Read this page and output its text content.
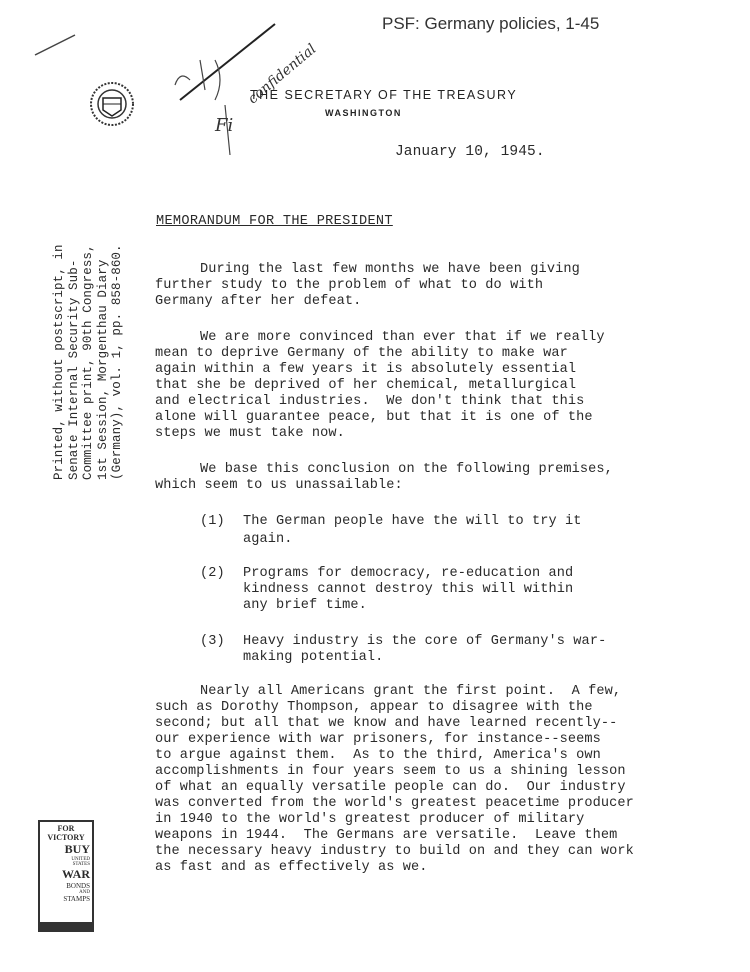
confidential
Fi
PSF: Germany policies, 1-45
THE SECRETARY OF THE TREASURY
WASHINGTON
January 10, 1945.
MEMORANDUM FOR THE PRESIDENT
Printed, without postscript, in Senate Internal Security Sub- Committee print, 90th Congress, 1st Session, Morgenthau Diary (Germany), vol. 1, pp. 858-860.	During the last few months we have been giving
further study to the problem of what to do with
Germany after her defeat.
We are more convinced than ever that if we really
mean to deprive Germany of the ability to make war
again within a few years it is absolutely essential
that she be deprived of her chemical, metallurgical
and electrical industries.  We don't think that this
alone will guarantee peace, but that it is one of the
steps we must take now.
We base this conclusion on the following premises,
which seem to us unassailable:
(1) The German people have the will to try it
again.
(2) Programs for democracy, re-education and
kindness cannot destroy this will within
any brief time.
(3) Heavy industry is the core of Germany's war-
making potential.
Nearly all Americans grant the first point.  A few,
such as Dorothy Thompson, appear to disagree with the
second; but all that we know and have learned recently--
our experience with war prisoners, for instance--seems
to argue against them.  As to the third, America's own
accomplishments in four years seem to us a shining lesson
of what an equally versatile people can do.  Our industry
was converted from the world's greatest peacetime producer
in 1940 to the world's greatest producer of military
weapons in 1944.  The Germans are versatile.  Leave them
the necessary heavy industry to build on and they can work
as fast and as effectively as we.
FOR VICTORY
BUY
UNITED
STATES
WAR
BONDS
AND
STAMPS
